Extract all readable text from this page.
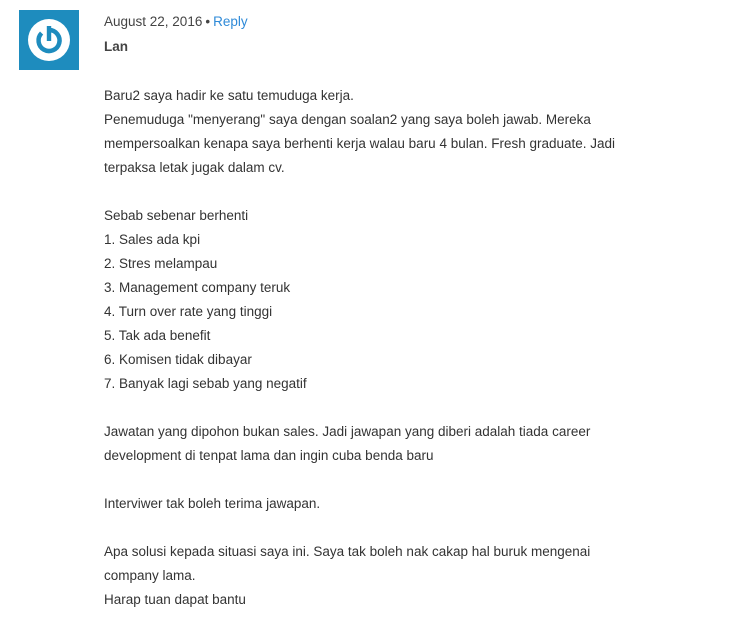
August 22, 2016 • Reply
Lan

Baru2 saya hadir ke satu temuduga kerja.
Penemuduga "menyerang" saya dengan soalan2 yang saya boleh jawab. Mereka
mempersoalkan kenapa saya berhenti kerja walau baru 4 bulan. Fresh graduate. Jadi
terpaksa letak jugak dalam cv.

Sebab sebenar berhenti
1. Sales ada kpi
2. Stres melampau
3. Management company teruk
4. Turn over rate yang tinggi
5. Tak ada benefit
6. Komisen tidak dibayar
7. Banyak lagi sebab yang negatif

Jawatan yang dipohon bukan sales. Jadi jawapan yang diberi adalah tiada career
development di tenpat lama dan ingin cuba benda baru

Interviwer tak boleh terima jawapan.

Apa solusi kepada situasi saya ini. Saya tak boleh nak cakap hal buruk mengenai
company lama.
Harap tuan dapat bantu
